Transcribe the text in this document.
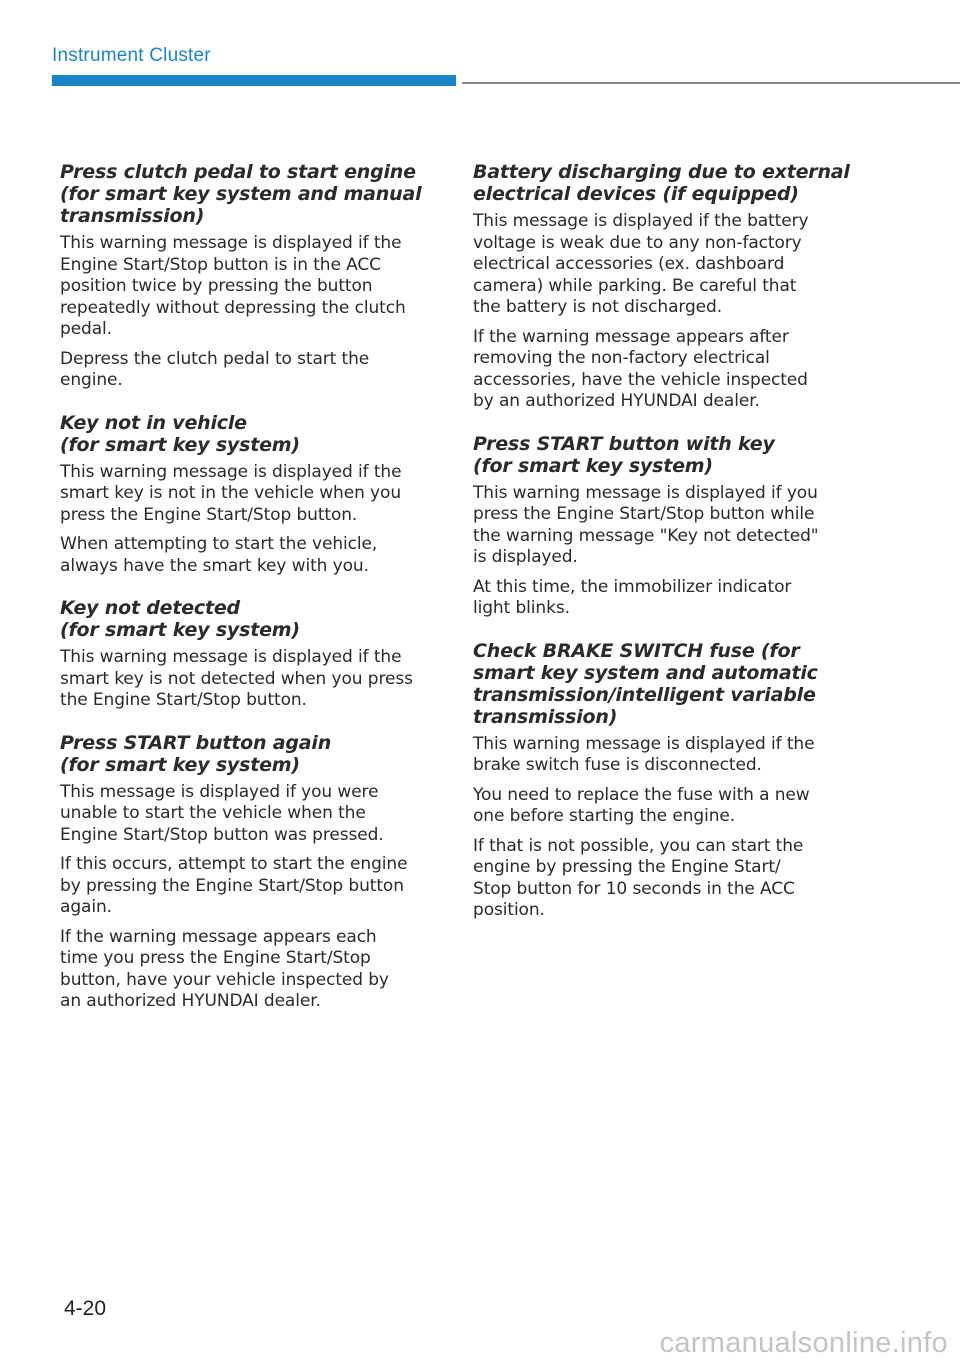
Instrument Cluster
Press clutch pedal to start engine
(for smart key system and manual
transmission)

This warning message is displayed if the
Engine Start/Stop button is in the ACC
position twice by pressing the button
repeatedly without depressing the clutch
pedal.

Depress the clutch pedal to start the
engine.

Key not in vehicle
(for smart key system)

This warning message is displayed if the
smart key is not in the vehicle when you
press the Engine Start/Stop button.

When attempting to start the vehicle,
always have the smart key with you.

Key not detected
(for smart key system)

This warning message is displayed if the
smart key is not detected when you press
the Engine Start/Stop button.

Press START button again
(for smart key system)

This message is displayed if you were
unable to start the vehicle when the
Engine Start/Stop button was pressed.

If this occurs, attempt to start the engine
by pressing the Engine Start/Stop button
again.

If the warning message appears each
time you press the Engine Start/Stop
button, have your vehicle inspected by
an authorized HYUNDAI dealer.

Battery discharging due to external
electrical devices (if equipped)

This message is displayed if the battery
voltage is weak due to any non-factory
electrical accessories (ex. dashboard
camera) while parking. Be careful that
the battery is not discharged.

If the warning message appears after
removing the non-factory electrical
accessories, have the vehicle inspected
by an authorized HYUNDAI dealer.

Press START button with key
(for smart key system)

This warning message is displayed if you
press the Engine Start/Stop button while
the warning message "Key not detected"
is displayed.

At this time, the immobilizer indicator
light blinks.

Check BRAKE SWITCH fuse (for
smart key system and automatic
transmission/intelligent variable
transmission)

This warning message is displayed if the
brake switch fuse is disconnected.

You need to replace the fuse with a new
one before starting the engine.

If that is not possible, you can start the
engine by pressing the Engine Start/
Stop button for 10 seconds in the ACC
position.

4-20
carmanualsonline.info
